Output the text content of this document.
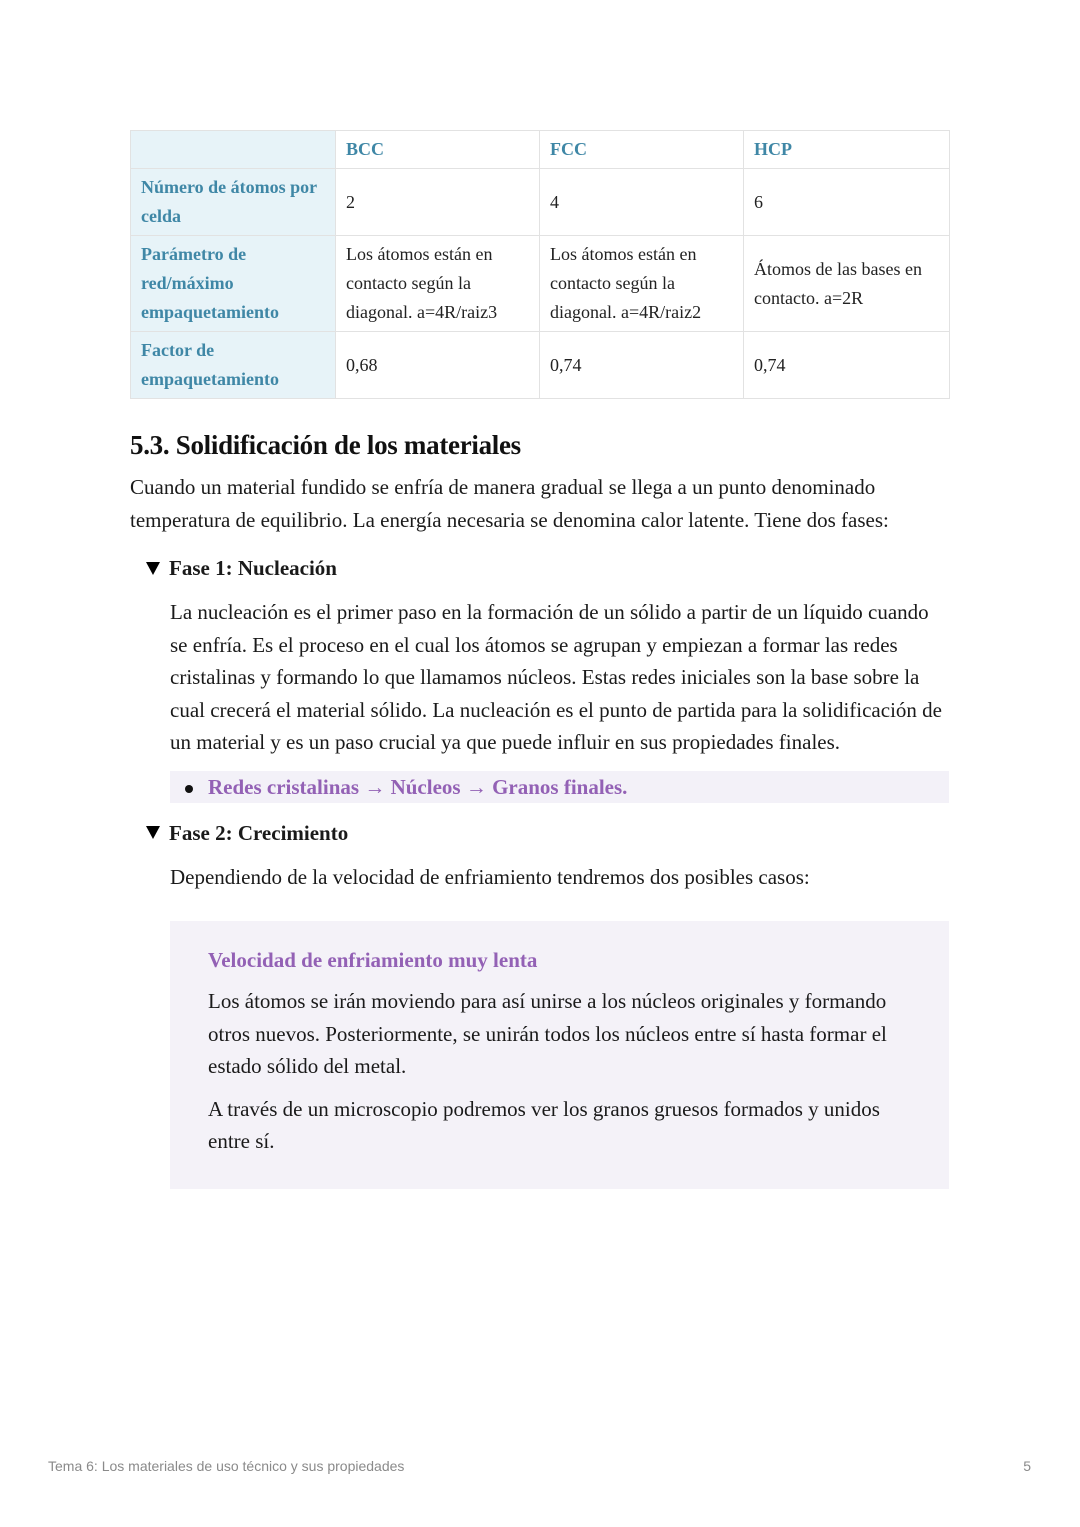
	BCC	FCC	HCP
Número de átomos por celda	2	4	6
Parámetro de red/máximo empaquetamiento	Los átomos están en contacto según la diagonal. a=4R/raiz3	Los átomos están en contacto según la diagonal. a=4R/raiz2	Átomos de las bases en contacto. a=2R
Factor de empaquetamiento	0,68	0,74	0,74
5.3. Solidificación de los materiales

Cuando un material fundido se enfría de manera gradual se llega a un punto denominado temperatura de equilibrio. La energía necesaria se denomina calor latente. Tiene dos fases:

Fase 1: Nucleación

La nucleación es el primer paso en la formación de un sólido a partir de un líquido cuando se enfría. Es el proceso en el cual los átomos se agrupan y empiezan a formar las redes cristalinas y formando lo que llamamos núcleos. Estas redes iniciales son la base sobre la cual crecerá el material sólido. La nucleación es el punto de partida para la solidificación de un material y es un paso crucial ya que puede influir en sus propiedades finales.

Redes cristalinas → Núcleos → Granos finales.
Fase 2: Crecimiento

Dependiendo de la velocidad de enfriamiento tendremos dos posibles casos:

Velocidad de enfriamiento muy lenta

Los átomos se irán moviendo para así unirse a los núcleos originales y formando otros nuevos. Posteriormente, se unirán todos los núcleos entre sí hasta formar el estado sólido del metal.

A través de un microscopio podremos ver los granos gruesos formados y unidos entre sí.

Tema 6: Los materiales de uso técnico y sus propiedades	5
